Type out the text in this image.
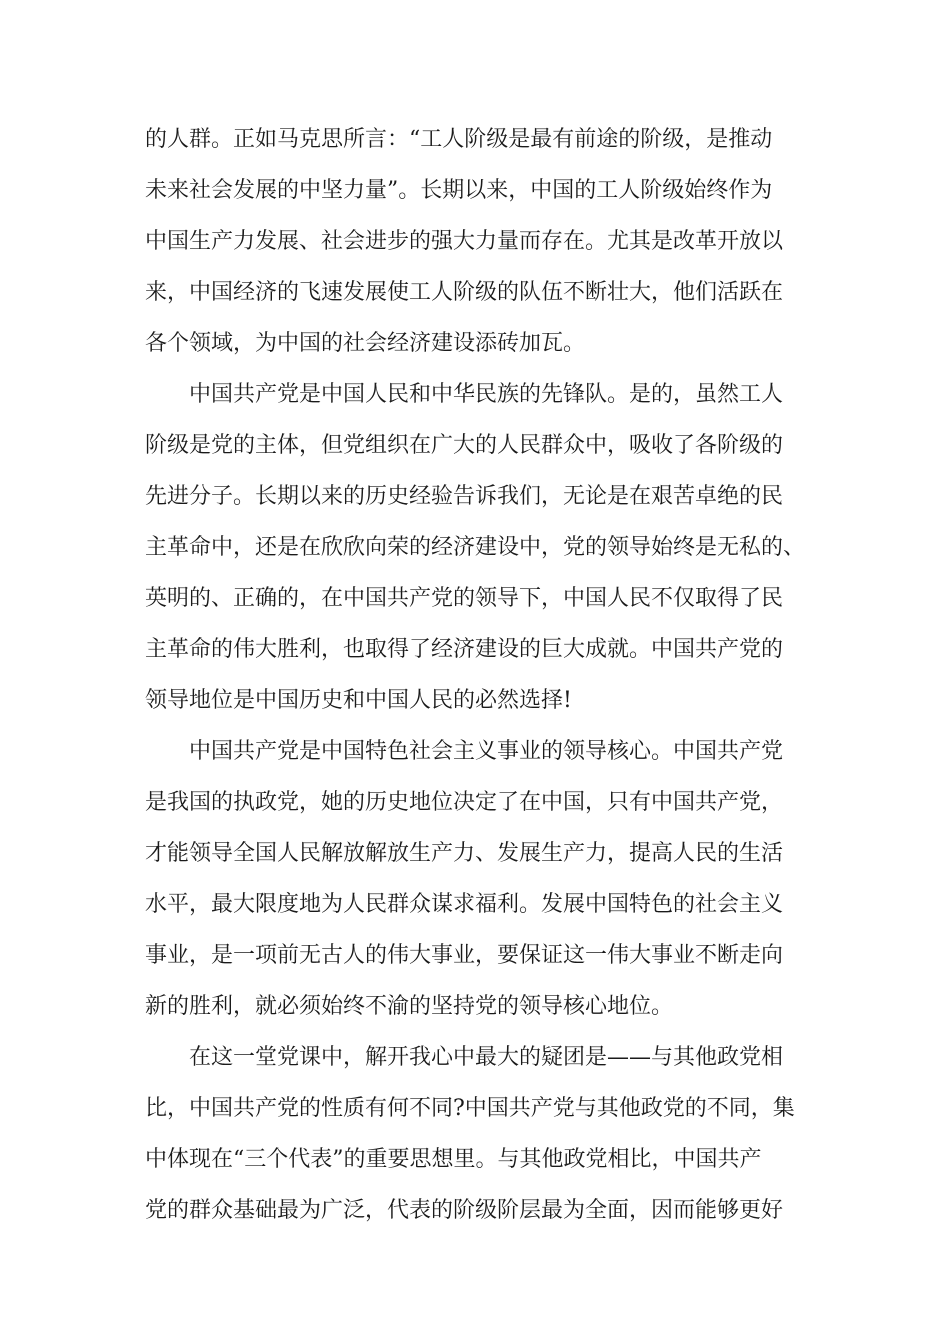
的人群。正如马克思所言：“工人阶级是最有前途的阶级，是推动
未来社会发展的中坚力量”。长期以来，中国的工人阶级始终作为
中国生产力发展、社会进步的强大力量而存在。尤其是改革开放以
来，中国经济的飞速发展使工人阶级的队伍不断壮大，他们活跃在
各个领域，为中国的社会经济建设添砖加瓦。
　　中国共产党是中国人民和中华民族的先锋队。是的，虽然工人
阶级是党的主体，但党组织在广大的人民群众中，吸收了各阶级的
先进分子。长期以来的历史经验告诉我们，无论是在艰苦卓绝的民
主革命中，还是在欣欣向荣的经济建设中，党的领导始终是无私的、
英明的、正确的，在中国共产党的领导下，中国人民不仅取得了民
主革命的伟大胜利，也取得了经济建设的巨大成就。中国共产党的
领导地位是中国历史和中国人民的必然选择!
　　中国共产党是中国特色社会主义事业的领导核心。中国共产党
是我国的执政党，她的历史地位决定了在中国，只有中国共产党，
才能领导全国人民解放解放生产力、发展生产力，提高人民的生活
水平，最大限度地为人民群众谋求福利。发展中国特色的社会主义
事业，是一项前无古人的伟大事业，要保证这一伟大事业不断走向
新的胜利，就必须始终不渝的坚持党的领导核心地位。
　　在这一堂党课中，解开我心中最大的疑团是——与其他政党相
比，中国共产党的性质有何不同?中国共产党与其他政党的不同，集
中体现在“三个代表”的重要思想里。与其他政党相比，中国共产
党的群众基础最为广泛，代表的阶级阶层最为全面，因而能够更好
